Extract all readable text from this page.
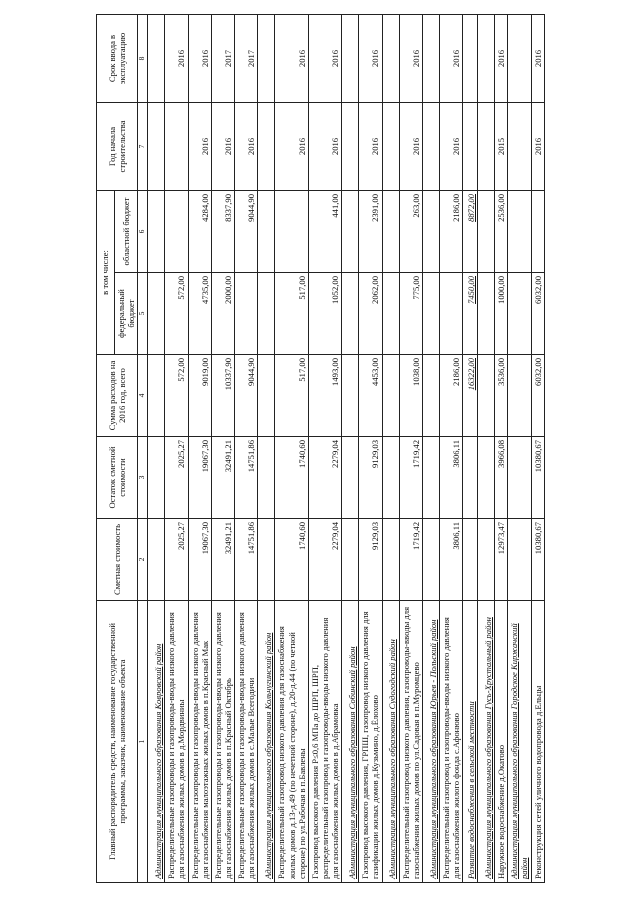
Главный распорядитель средств, наименование государственной программы, заказчик, наименование объекта	Сметная стоимость	Остаток сметной стоимости	Сумма расходов на 2016 год, всего	в том числе:		Год начала строительства	Срок ввода в эксплуатацию
				федеральный бюджет	областной бюджет		
1	2	3	4	5	6	7	8
Администрация муниципального образования Ковровский район							
Распределительные газопроводы и газопроводы-вводы низкого давления для газоснабжения жилых домов в д.Мордвиниы	2025,27	2025,27	572,00	572,00			2016
Распределительные газопроводы и газопроводы-вводы низкого давления для газоснабжения малоэтажных жилых домов в п.Красный Мак	19067,30	19067,30	9019,00	4735,00	4284,00	2016	2016
Распределительные газопроводы и газопроводы-вводы низкого давления для газоснабжения жилых домов в п.Красный Октябрь	32491,21	32491,21	10337,90	2000,00	8337,90	2016	2017
Распределительные газопроводы и газопроводы-вводы низкого давления для газоснабжения жилых домов в с.Малые Всегодичи	14751,86	14751,86	9044,90		9044,90	2016	2017
Администрация муниципального образования Кольчугинский район							
Распределительный газопровод низкого давления для газоснабжения жилых домов д.13-д.49 (по нечетной стороне), д.20-д.44 (по четной стороне) по ул.Рабочая в п.Бавлены	1740,60	1740,60	517,00	517,00		2016	2016
Газопровод высокого давления Р≤0,6 МПа до ШРП, ШРП, распределительный газопровод и газопроводы-вводы низкого давления для газоснабжения жилых домов в д.Абрамовка	2279,04	2279,04	1493,00	1052,00	441,00	2016	2016
Администрация муниципального образования Собинский район							
Газопровод высокого давления, ГРПШ, газопровод низкого давления для газификации жилых домов д.Кузьмино, д.Ёлохово	9129,03	9129,03	4453,00	2062,00	2391,00	2016	2016
Администрация муниципального образования Судогодский район							
Распределительный газопровод низкого давления, газопроводы-вводы для газоснабжения жилых домов по ул.Садовая в п.Муромцево	1719,42	1719,42	1038,00	775,00	263,00	2016	2016
Администрация муниципального образования Юрьев - Польский район							
Распределительный газопровод и газопроводы-вводы низкого давления для газоснабжения жилого фонда с.Афонюво	3806,11	3806,11	2186,00		2186,00	2016	2016
Развитие водоснабжения в сельской местности			16322,00	7450,00	8872,00		
Администрация муниципального образования Гусь-Хрустальный район							
Наружное водоснабжение д.Окатово	12973,47	3966,08	3536,00	1000,00	2536,00	2015	2016
Администрация муниципального образования Городское Киржачский район							
Реконструкция сетей уличного водопровода д.Ельцы	10380,67	10380,67	6032,00	6032,00		2016	2016
